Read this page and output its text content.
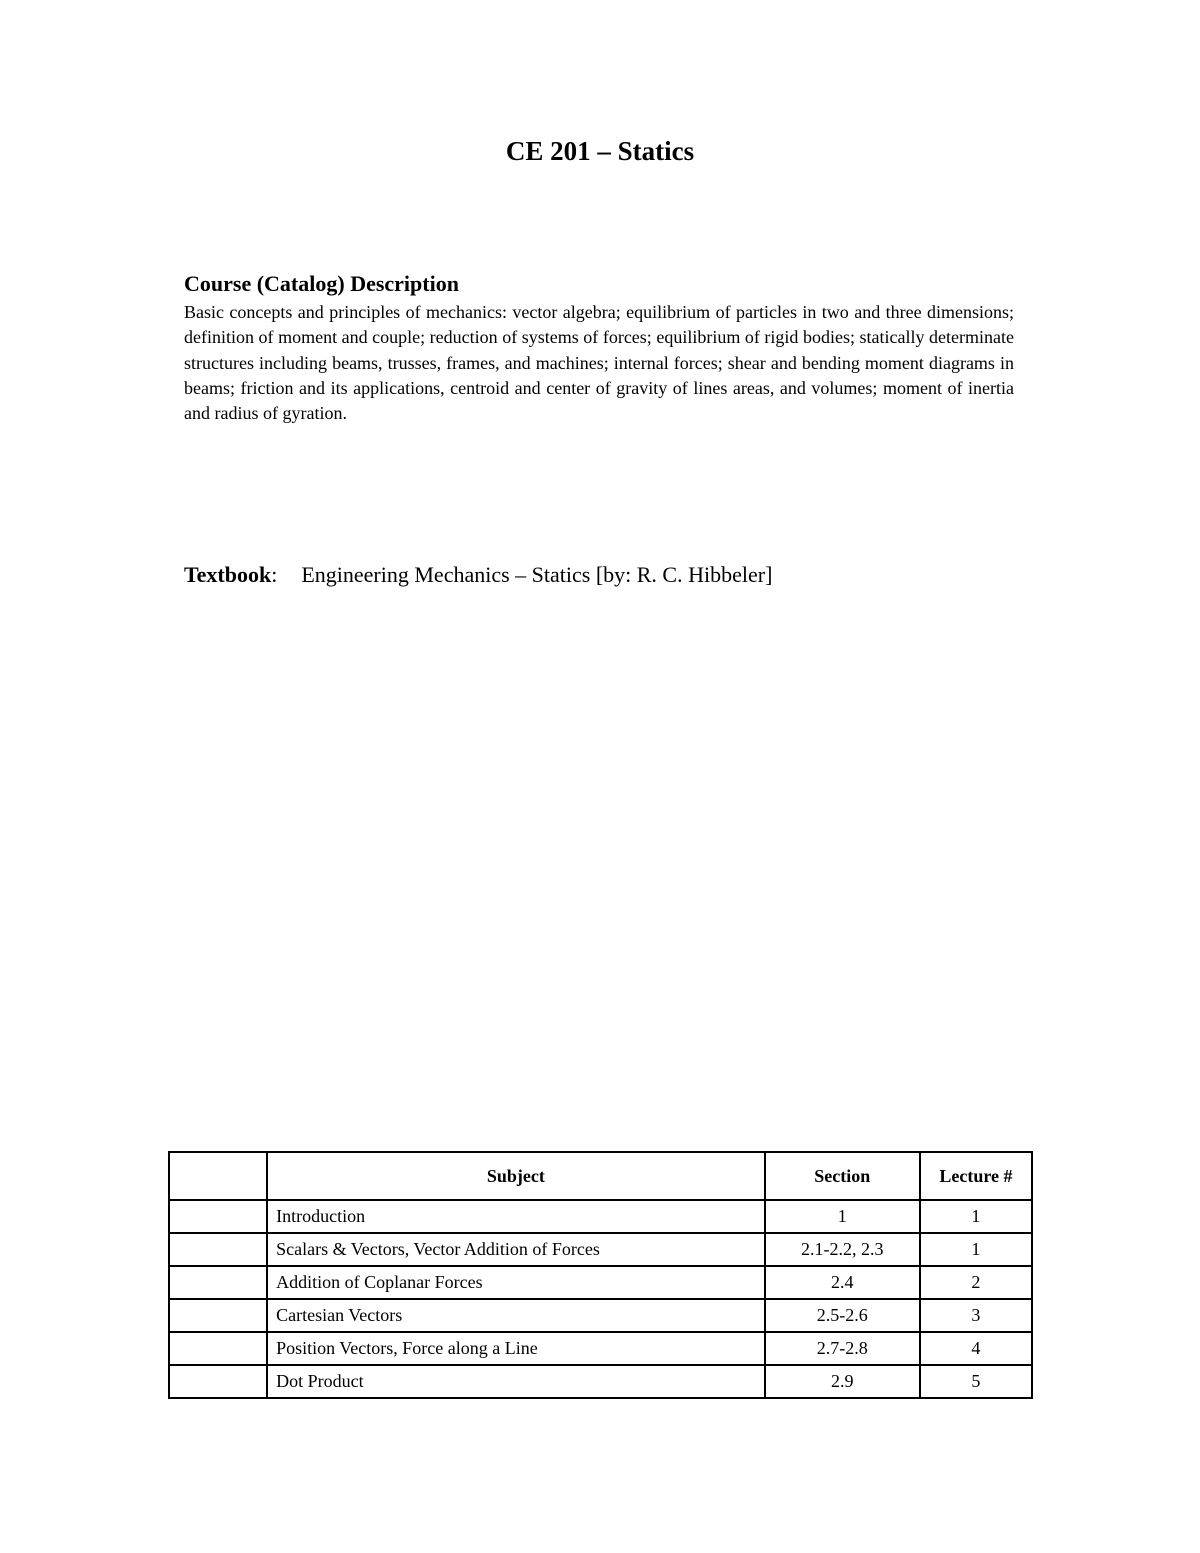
CE 201 – Statics
Course (Catalog) Description
Basic concepts and principles of mechanics: vector algebra; equilibrium of particles in two and three dimensions; definition of moment and couple; reduction of systems of forces; equilibrium of rigid bodies; statically determinate structures including beams, trusses, frames, and machines; internal forces; shear and bending moment diagrams in beams; friction and its applications, centroid and center of gravity of lines areas, and volumes; moment of inertia and radius of gyration.
Textbook: Engineering Mechanics – Statics [by: R. C. Hibbeler]
	Subject	Section	Lecture #
	Introduction	1	1
	Scalars & Vectors, Vector Addition of Forces	2.1-2.2, 2.3	1
	Addition of Coplanar Forces	2.4	2
	Cartesian Vectors	2.5-2.6	3
	Position Vectors, Force along a Line	2.7-2.8	4
	Dot Product	2.9	5
